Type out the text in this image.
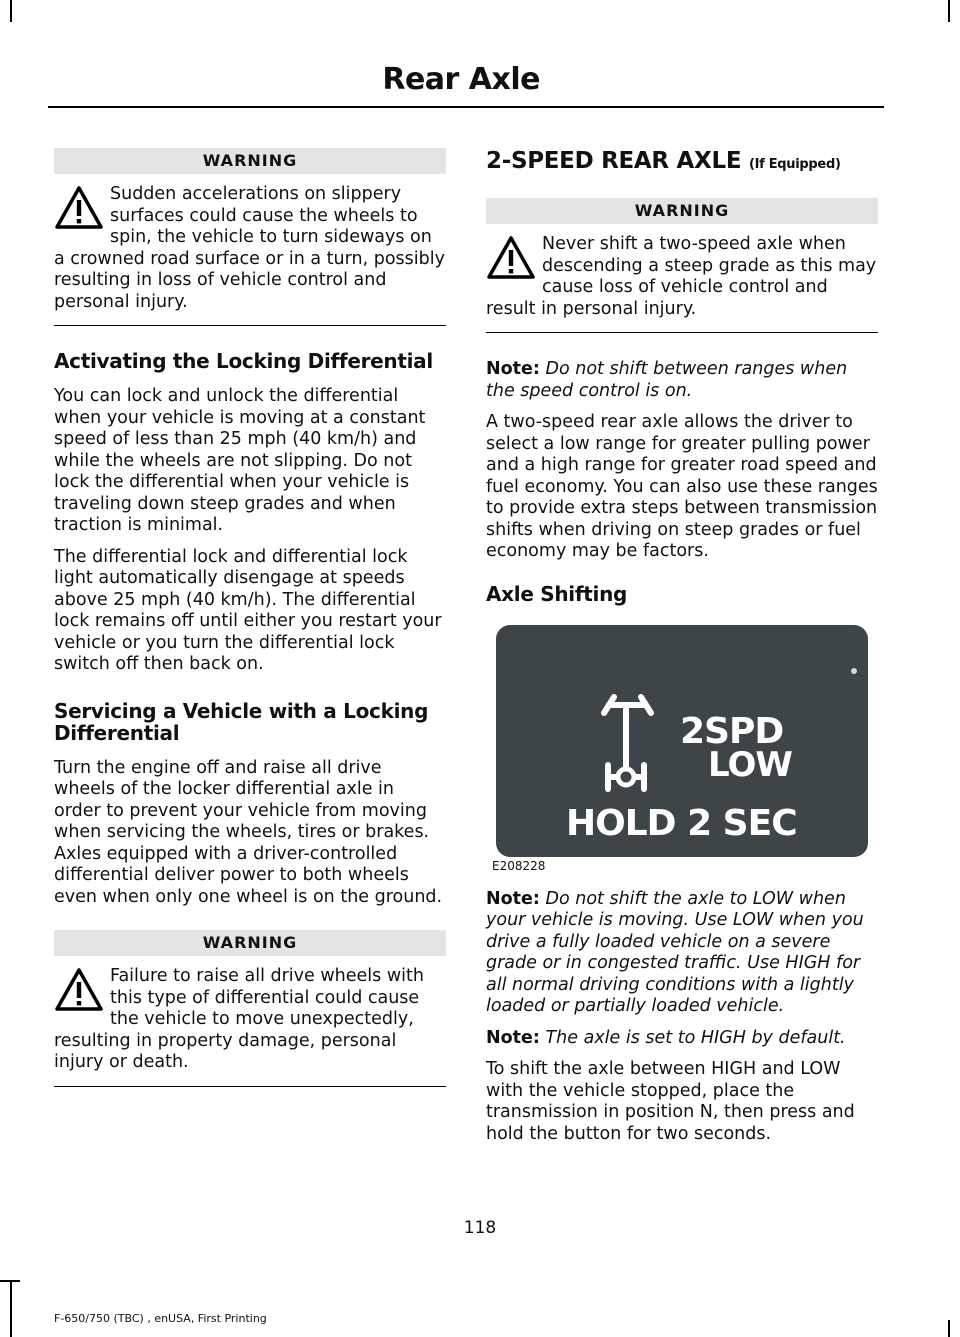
Rear Axle
WARNING
Sudden accelerations on slippery surfaces could cause the wheels to spin, the vehicle to turn sideways on a crowned road surface or in a turn, possibly resulting in loss of vehicle control and personal injury.
Activating the Locking Differential

You can lock and unlock the differential when your vehicle is moving at a constant speed of less than 25 mph (40 km/h) and while the wheels are not slipping. Do not lock the differential when your vehicle is traveling down steep grades and when traction is minimal.

The differential lock and differential lock light automatically disengage at speeds above 25 mph (40 km/h). The differential lock remains off until either you restart your vehicle or you turn the differential lock switch off then back on.

Servicing a Vehicle with a Locking Differential

Turn the engine off and raise all drive wheels of the locker differential axle in order to prevent your vehicle from moving when servicing the wheels, tires or brakes. Axles equipped with a driver-controlled differential deliver power to both wheels even when only one wheel is on the ground.

WARNING
Failure to raise all drive wheels with this type of differential could cause the vehicle to move unexpectedly, resulting in property damage, personal injury or death.
2-SPEED REAR AXLE (If Equipped)
WARNING
Never shift a two-speed axle when descending a steep grade as this may cause loss of vehicle control and result in personal injury.

Note: Do not shift between ranges when the speed control is on.

A two-speed rear axle allows the driver to select a low range for greater pulling power and a high range for greater road speed and fuel economy. You can also use these ranges to provide extra steps between transmission shifts when driving on steep grades or fuel economy may be factors.

Axle Shifting
2SPD
LOW
HOLD 2 SEC
E208228

Note: Do not shift the axle to LOW when your vehicle is moving. Use LOW when you drive a fully loaded vehicle on a severe grade or in congested traffic. Use HIGH for all normal driving conditions with a lightly loaded or partially loaded vehicle.

Note: The axle is set to HIGH by default.

To shift the axle between HIGH and LOW with the vehicle stopped, place the transmission in position N, then press and hold the button for two seconds.

118
F-650/750 (TBC) , enUSA, First Printing
